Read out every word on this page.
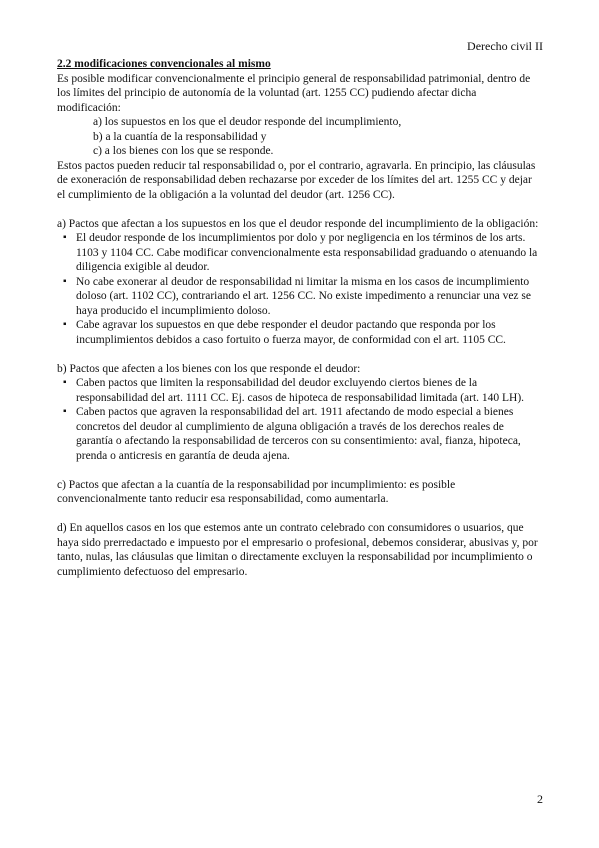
Derecho civil II

2.2 modificaciones convencionales al mismo

Es posible modificar convencionalmente el principio general de responsabilidad patrimonial, dentro de los límites del principio de autonomía de la voluntad (art. 1255 CC) pudiendo afectar dicha modificación:

a) los supuestos en los que el deudor responde del incumplimiento,

b) a la cuantía de la responsabilidad y

c) a los bienes con los que se responde.

Estos pactos pueden reducir tal responsabilidad o, por el contrario, agravarla. En principio, las cláusulas de exoneración de responsabilidad deben rechazarse por exceder de los límites del art. 1255 CC y dejar el cumplimiento de la obligación a la voluntad del deudor (art. 1256 CC).

a) Pactos que afectan a los supuestos en los que el deudor responde del incumplimiento de la obligación:

▪ El deudor responde de los incumplimientos por dolo y por negligencia en los términos de los arts. 1103 y 1104 CC. Cabe modificar convencionalmente esta responsabilidad graduando o atenuando la diligencia exigible al deudor.
▪ No cabe exonerar al deudor de responsabilidad ni limitar la misma en los casos de incumplimiento doloso (art. 1102 CC), contrariando el art. 1256 CC. No existe impedimento a renunciar una vez se haya producido el incumplimiento doloso.
▪ Cabe agravar los supuestos en que debe responder el deudor pactando que responda por los incumplimientos debidos a caso fortuito o fuerza mayor, de conformidad con el art. 1105 CC.

b) Pactos que afecten a los bienes con los que responde el deudor:

▪ Caben pactos que limiten la responsabilidad del deudor excluyendo ciertos bienes de la responsabilidad del art. 1111 CC. Ej. casos de hipoteca de responsabilidad limitada (art. 140 LH).
▪ Caben pactos que agraven la responsabilidad del art. 1911 afectando de modo especial a bienes concretos del deudor al cumplimiento de alguna obligación a través de los derechos reales de garantía o afectando la responsabilidad de terceros con su consentimiento: aval, fianza, hipoteca, prenda o anticresis en garantía de deuda ajena.

c) Pactos que afectan a la cuantía de la responsabilidad por incumplimiento: es posible convencionalmente tanto reducir esa responsabilidad, como aumentarla.

d) En aquellos casos en los que estemos ante un contrato celebrado con consumidores o usuarios, que haya sido prerredactado e impuesto por el empresario o profesional, debemos considerar, abusivas y, por tanto, nulas, las cláusulas que limitan o directamente excluyen la responsabilidad por incumplimiento o cumplimiento defectuoso del empresario.

2
